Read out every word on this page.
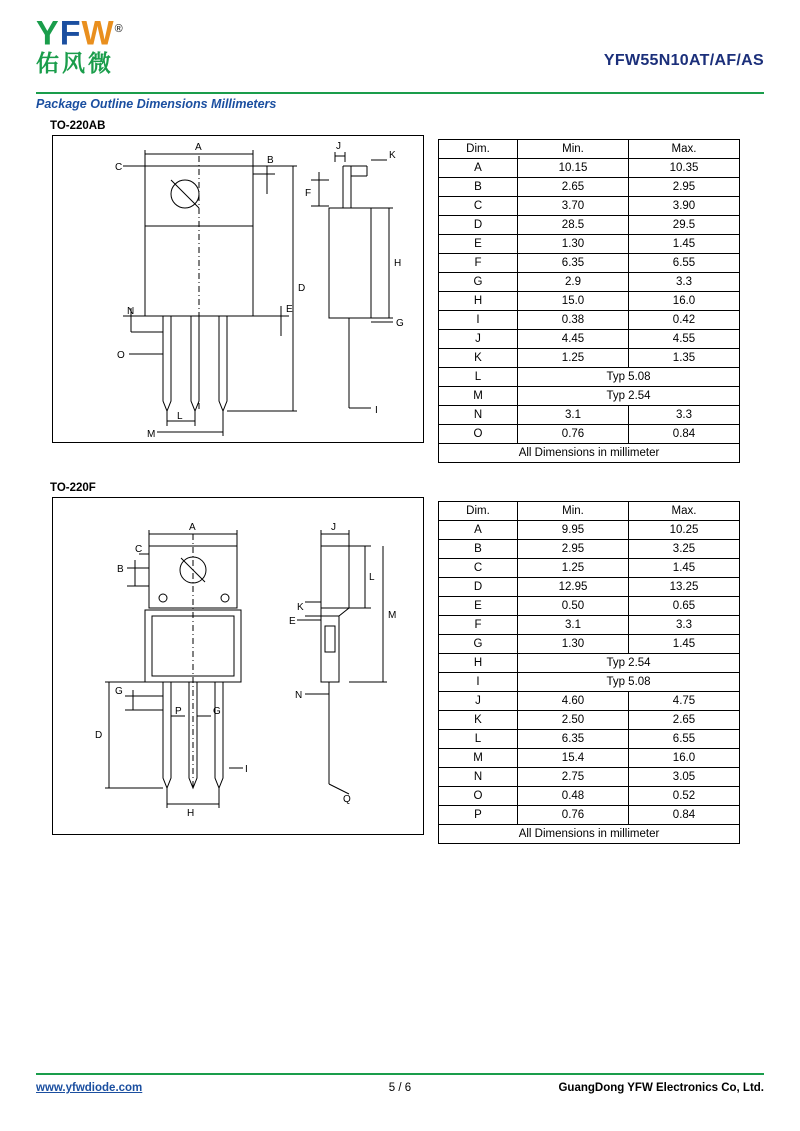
YFW®
佑风微	YFW55N10AT/AF/AS
Package Outline Dimensions Millimeters
TO-220AB
A
B
C
D
E
F
G
H
I
J
K
L
M
N
O
Dim.	Min.	Max.
A	10.15	10.35
B	2.65	2.95
C	3.70	3.90
D	28.5	29.5
E	1.30	1.45
F	6.35	6.55
G	2.9	3.3
H	15.0	16.0
I	0.38	0.42
J	4.45	4.55
K	1.25	1.35
L	Typ 5.08	
M	Typ 2.54	
N	3.1	3.3
O	0.76	0.84
All Dimensions in millimeter		
TO-220F
A
B
C
D
E
G
G
P
H
I
J
K
L
M
N
Q
Dim.	Min.	Max.
A	9.95	10.25
B	2.95	3.25
C	1.25	1.45
D	12.95	13.25
E	0.50	0.65
F	3.1	3.3
G	1.30	1.45
H	Typ 2.54	
I	Typ 5.08	
J	4.60	4.75
K	2.50	2.65
L	6.35	6.55
M	15.4	16.0
N	2.75	3.05
O	0.48	0.52
P	0.76	0.84
All Dimensions in millimeter		
www.yfwdiode.com	5 / 6	GuangDong YFW Electronics Co, Ltd.
